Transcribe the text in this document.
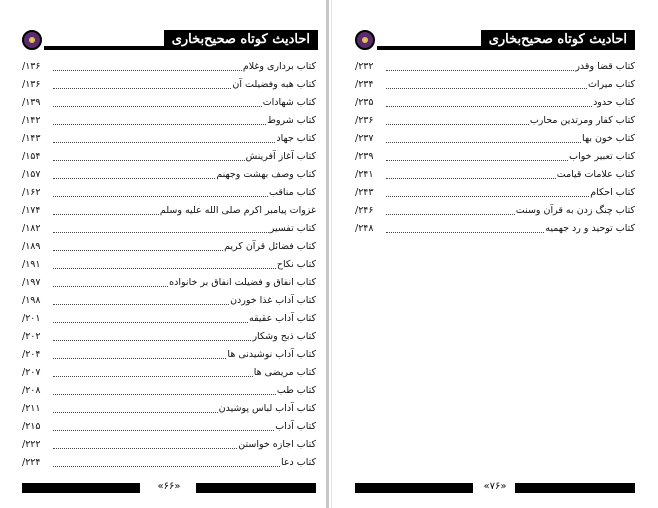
احادیث کوتاه صحیح‌بخاری
کتاب برداری وغلام
۱۳۶/
کتاب هبه وفضیلت آن
۱۳۶/
کتاب شهادات
۱۳۹/
کتاب شروط
۱۴۲/
کتاب جهاد
۱۴۳/
کتاب آغاز آفرینش
۱۵۴/
کتاب وصف بهشت وجهنم
۱۵۷/
کتاب مناقب
۱۶۲/
غزوات پیامبر اکرم صلی الله علیه وسلم
۱۷۴/
کتاب تفسیر
۱۸۲/
کتاب فضائل قرآن کریم
۱۸۹/
کتاب نکاح
۱۹۱/
کتاب انفاق و فضیلت انفاق بر خانواده
۱۹۷/
کتاب آداب غذا خوردن
۱۹۸/
کتاب آداب عقیقه
۲۰۱/
کتاب ذبح وشکار
۲۰۲/
کتاب آداب نوشیدنی ها
۲۰۴/
کتاب مریضی ها
۲۰۷/
کتاب طب
۲۰۸/
کتاب آداب لباس پوشیدن
۲۱۱/
کتاب آداب
۲۱۵/
کتاب اجازه خواستن
۲۲۲/
کتاب دعا
۲۲۴/
«۶۶»
احادیث کوتاه صحیح‌بخاری
کتاب قضا وقدر
۲۳۲/
کتاب میراث
۲۳۴/
کتاب حدود
۲۳۵/
کتاب کفار ومرتدین محارب
۲۳۶/
کتاب خون بها
۲۳۷/
کتاب تعبیر خواب
۲۳۹/
کتاب علامات قیامت
۲۴۱/
کتاب احکام
۲۴۳/
کتاب چنگ زدن به قرآن وسنت
۲۴۶/
کتاب توحید و رد جهمیه
۲۴۸/
«۷۶»
